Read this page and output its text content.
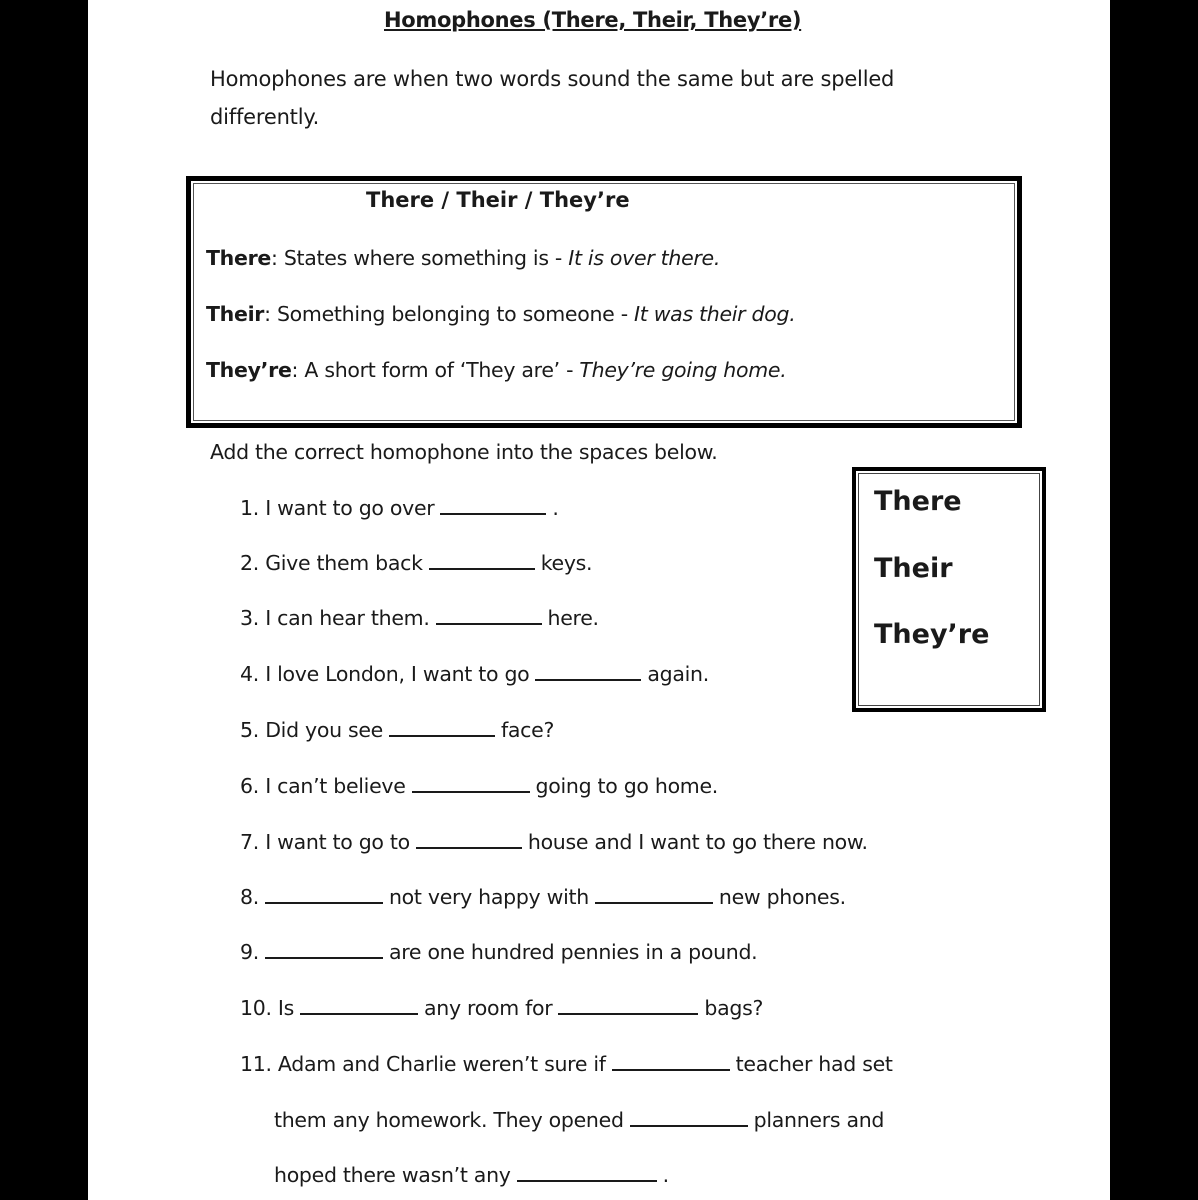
Homophones (There, Their, They’re)
Homophones are when two words sound the same but are spelled differently.
There / Their / They’re
There: States where something is - It is over there.
Their: Something belonging to someone - It was their dog.
They’re: A short form of ‘They are’ - They’re going home.
Add the correct homophone into the spaces below.
There
Their
They’re
1. I want to go over	.
2. Give them back	keys.
3. I can hear them.	here.
4. I love London, I want to go	again.
5. Did you see	face?
6. I can’t believe	going to go home.
7. I want to go to	house and I want to go there now.
8.	not very happy with	new phones.
9.	are one hundred pennies in a pound.
10. Is	any room for	bags?
11. Adam and Charlie weren’t sure if	teacher had set
them any homework. They opened	planners and
hoped there wasn’t any	.
